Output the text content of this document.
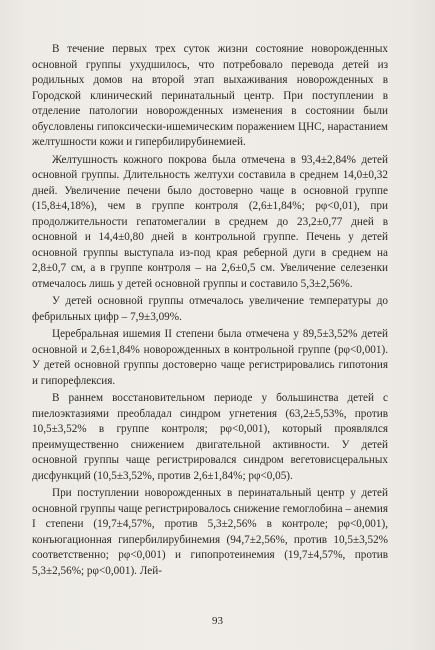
В течение первых трех суток жизни состояние новорожденных основной группы ухудшилось, что потребовало перевода детей из родильных домов на второй этап выхаживания новорожденных в Городской клинический перинатальный центр. При поступлении в отделение патологии новорожденных изменения в состоянии были обусловлены гипоксически-ишемическим поражением ЦНС, нарастанием желтушности кожи и гипербилирубинемией.

Желтушность кожного покрова была отмечена в 93,4±2,84% детей основной группы. Длительность желтухи составила в среднем 14,0±0,32 дней. Увеличение печени было достоверно чаще в основной группе (15,8±4,18%), чем в группе контроля (2,6±1,84%; pφ<0,01), при продолжительности гепатомегалии в среднем до 23,2±0,77 дней в основной и 14,4±0,80 дней в контрольной группе. Печень у детей основной группы выступала из-под края реберной дуги в среднем на 2,8±0,7 см, а в группе контроля – на 2,6±0,5 см. Увеличение селезенки отмечалось лишь у детей основной группы и составило 5,3±2,56%.

У детей основной группы отмечалось увеличение температуры до фебрильных цифр – 7,9±3,09%.

Церебральная ишемия II степени была отмечена у 89,5±3,52% детей основной и 2,6±1,84% новорожденных в контрольной группе (pφ<0,001). У детей основной группы достоверно чаще регистрировались гипотония и гипорефлексия.

В раннем восстановительном периоде у большинства детей с пиелоэктазиями преобладал синдром угнетения (63,2±5,53%, против 10,5±3,52% в группе контроля; pφ<0,001), который проявлялся преимущественно снижением двигательной активности. У детей основной группы чаще регистрировался синдром вегетовисцеральных дисфункций (10,5±3,52%, против 2,6±1,84%; pφ<0,05).

При поступлении новорожденных в перинатальный центр у детей основной группы чаще регистрировалось снижение гемоглобина – анемия I степени (19,7±4,57%, против 5,3±2,56% в контроле; pφ<0,001), конъюгационная гипербилирубинемия (94,7±2,56%, против 10,5±3,52% соответственно; pφ<0,001) и гипопротеинемия (19,7±4,57%, против 5,3±2,56%; pφ<0,001). Лей-

93
